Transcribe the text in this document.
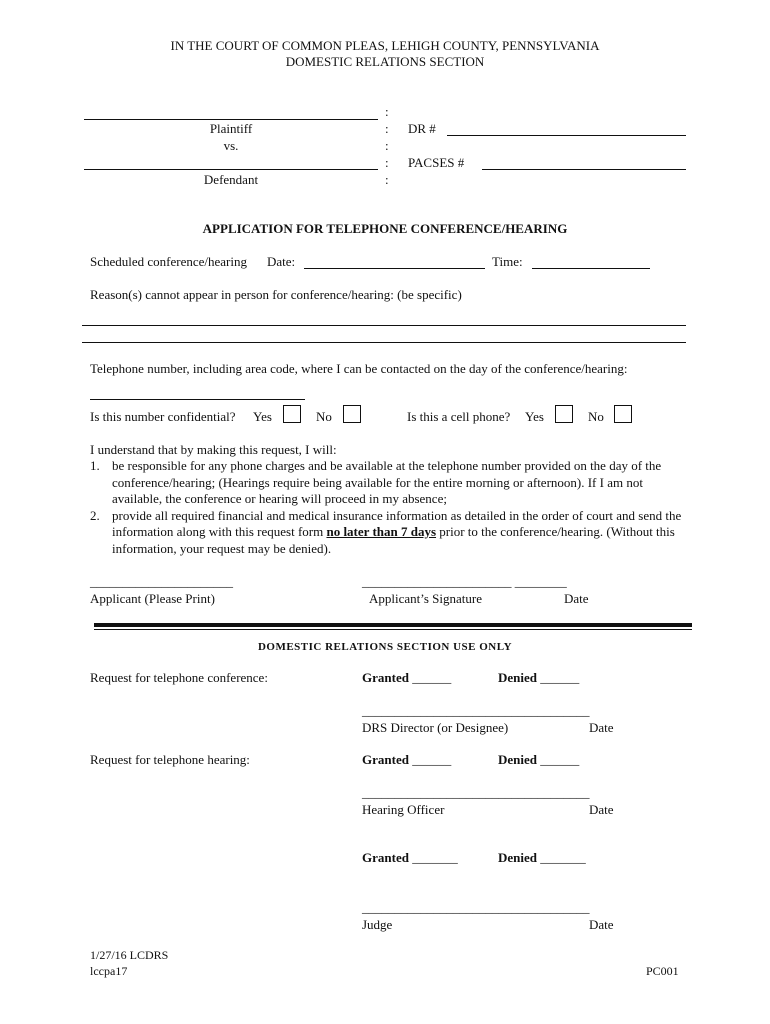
IN THE COURT OF COMMON PLEAS, LEHIGH COUNTY, PENNSYLVANIA
DOMESTIC RELATIONS SECTION
Plaintiff
vs.
Defendant
:
:
:
:
:
DR #
PACSES #
APPLICATION FOR TELEPHONE CONFERENCE/HEARING
Scheduled conference/hearing Date:	Time:
Reason(s) cannot appear in person for conference/hearing: (be specific)
Telephone number, including area code, where I can be contacted on the day of the conference/hearing:
Is this number confidential? Yes	No	Is this a cell phone? Yes	No
I understand that by making this request, I will:
1. be responsible for any phone charges and be available at the telephone number provided on the day of the conference/hearing; (Hearings require being available for the entire morning or afternoon). If I am not available, the conference or hearing will proceed in my absence;
2. provide all required financial and medical insurance information as detailed in the order of court and send the information along with this request form no later than 7 days prior to the conference/hearing. (Without this information, your request may be denied).
______________________	_______________________ ________
Applicant (Please Print)	Applicant’s Signature	Date
DOMESTIC RELATIONS SECTION USE ONLY
Request for telephone conference:	Granted ______	Denied ______
___________________________________
DRS Director (or Designee)	Date
Request for telephone hearing:	Granted ______	Denied ______
___________________________________
Hearing Officer	Date
Granted _______	Denied _______
___________________________________
Judge	Date
1/27/16 LCDRS
lccpa17	PC001
